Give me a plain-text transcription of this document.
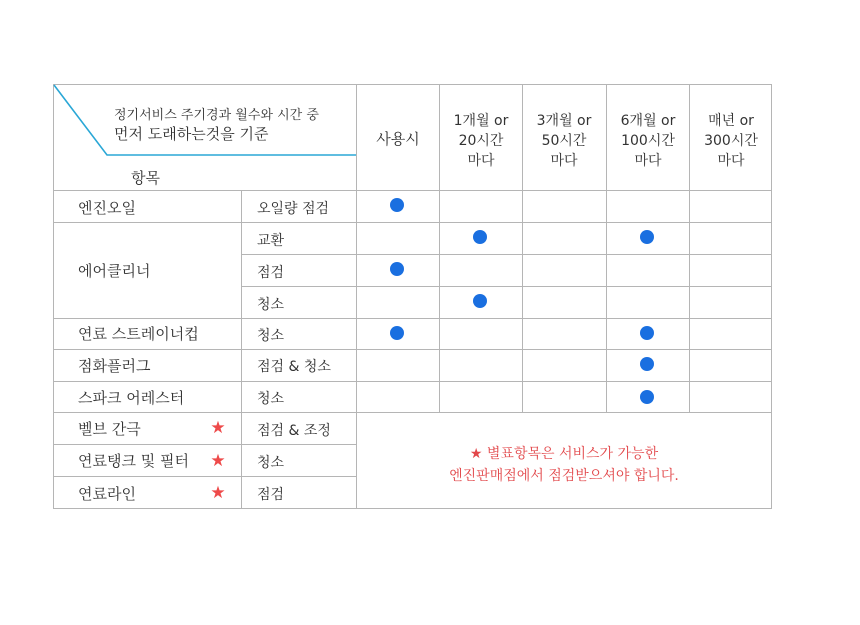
정기서비스 주기경과 월수와 시간 중
먼저 도래하는것을 기준
항목
사용시
1개월 or
20시간
마다
3개월 or
50시간
마다
6개월 or
100시간
마다
매년 or
300시간
마다
엔진오일
에어클리너
연료 스트레이너컵
점화플러그
스파크 어레스터
벨브 간극
연료탱크 및 필터
연료라인
★
★
★
오일량 점검
교환
점검
청소
청소
점검 & 청소
청소
점검 & 조정
청소
점검
★ 별표항목은 서비스가 가능한
엔진판매점에서 점검받으셔야 합니다.
